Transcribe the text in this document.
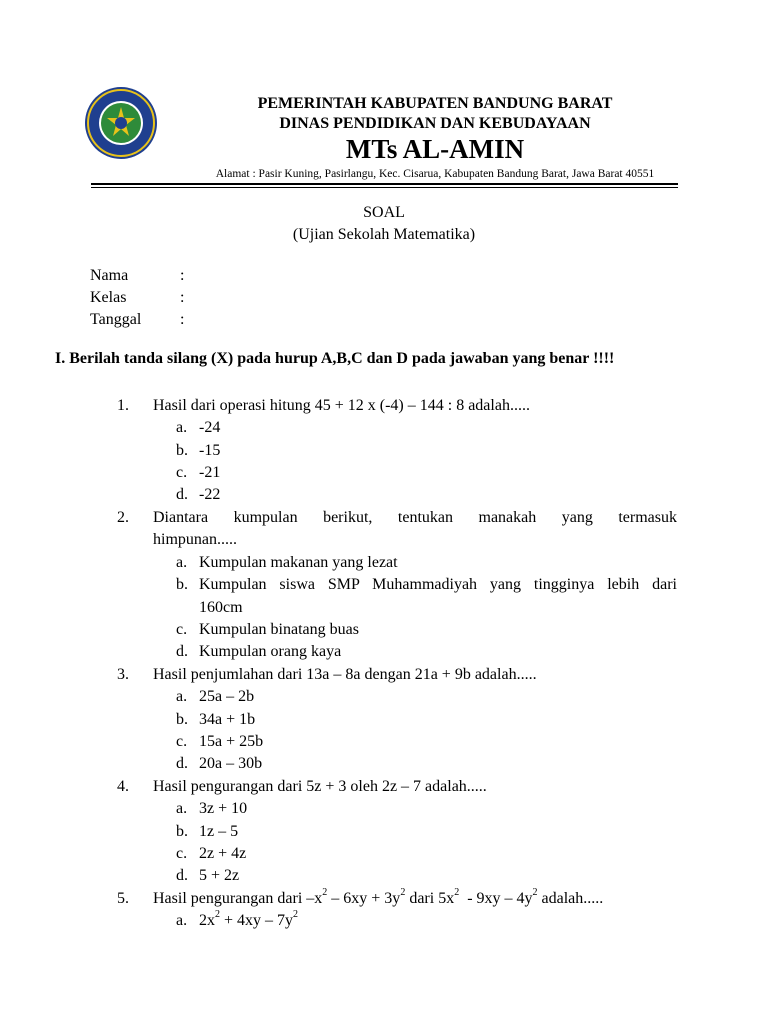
PEMERINTAH KABUPATEN BANDUNG BARAT
DINAS PENDIDIKAN DAN KEBUDAYAAN
MTs AL-AMIN
Alamat : Pasir Kuning, Pasirlangu, Kec. Cisarua, Kabupaten Bandung Barat, Jawa Barat 40551
SOAL
(Ujian Sekolah Matematika)
Nama	:
Kelas	:
Tanggal :
I. Berilah tanda silang (X) pada hurup A,B,C dan D pada jawaban yang benar !!!!
1. Hasil dari operasi hitung 45 + 12 x (-4) – 144 : 8 adalah.....
a. -24
b. -15
c. -21
d. -22
2. Diantara kumpulan berikut, tentukan manakah yang termasuk
himpunan.....
a. Kumpulan makanan yang lezat
b. Kumpulan siswa SMP Muhammadiyah yang tingginya lebih dari
160cm
c. Kumpulan binatang buas
d. Kumpulan orang kaya
3. Hasil penjumlahan dari 13a – 8a dengan 21a + 9b adalah.....
a. 25a – 2b
b. 34a + 1b
c. 15a + 25b
d. 20a – 30b
4. Hasil pengurangan dari 5z + 3 oleh 2z – 7 adalah.....
a. 3z + 10
b. 1z – 5
c. 2z + 4z
d. 5 + 2z
5. Hasil pengurangan dari $-x^2 - 6xy + 3y^2$ dari $5x^2 - 9xy - 4y^2$ adalah.....
a. $2x^2 + 4xy - 7y^2$
